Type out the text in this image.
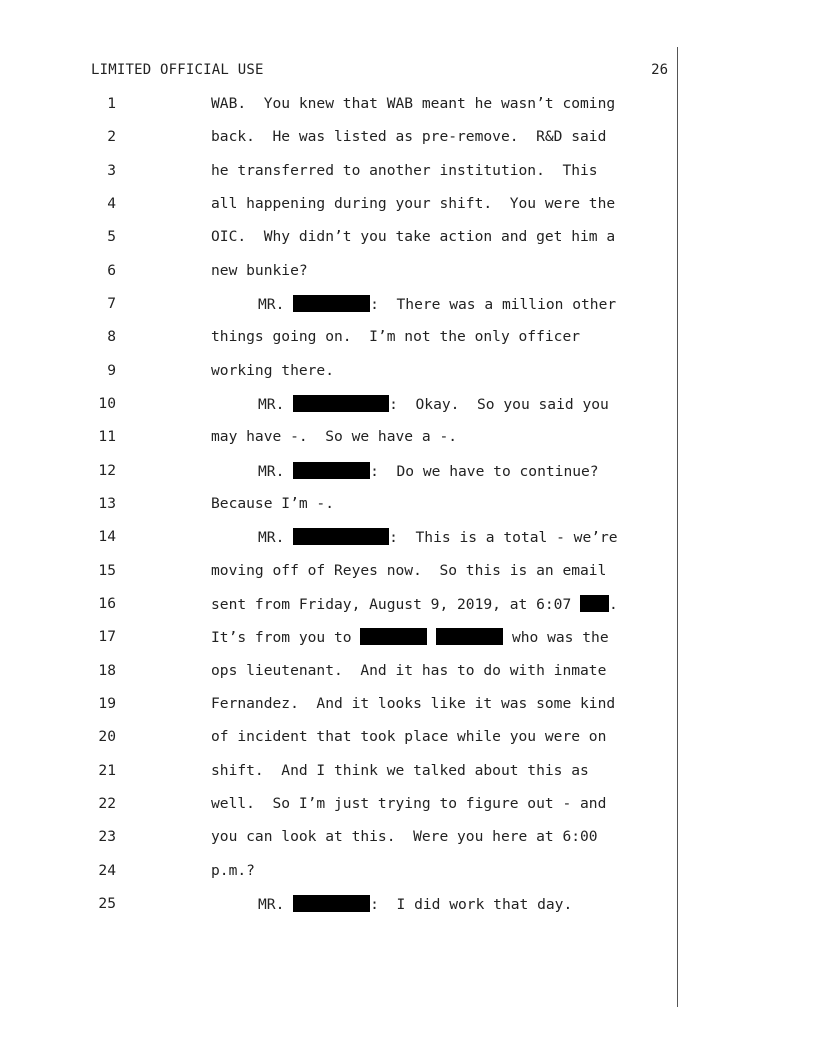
LIMITED OFFICIAL USE	26

1

	WAB.  You knew that WAB meant he wasn’t coming

2

	back.  He was listed as pre-remove.  R&D said

3

	he transferred to another institution.  This

4

	all happening during your shift.  You were the

5

	OIC.  Why didn’t you take action and get him a

6

	new bunkie?

7

	MR.	:  There was a million other

8

	things going on.  I’m not the only officer

9

	working there.

10

	MR.	:  Okay.  So you said you

11

	may have -.  So we have a -.

12

	MR.	:  Do we have to continue?

13

	Because I’m -.

14

	MR.	:  This is a total - we’re

15

	moving off of Reyes now.  So this is an email

16

	sent from Friday, August 9, 2019, at 6:07 .

17

	It’s from you to	who was the

18

	ops lieutenant.  And it has to do with inmate

19

	Fernandez.  And it looks like it was some kind

20

	of incident that took place while you were on

21

	shift.  And I think we talked about this as

22

	well.  So I’m just trying to figure out - and

23

	you can look at this.  Were you here at 6:00

24

	p.m.?

25

	MR.	:  I did work that day.
